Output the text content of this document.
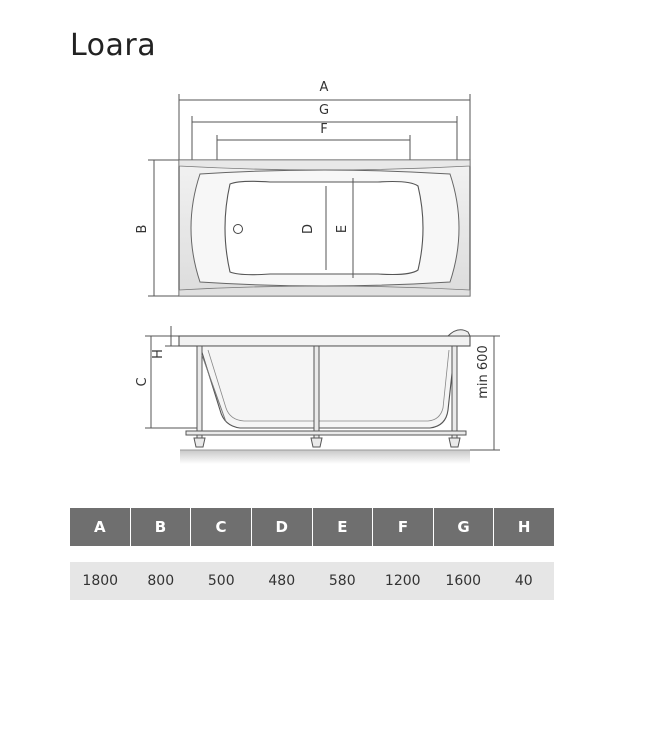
Loara
A
G
F
B	D E
H
C	min 600
A	B	C	D	E	F	G	H
1800	800	500	480	580	1200	1600	40
